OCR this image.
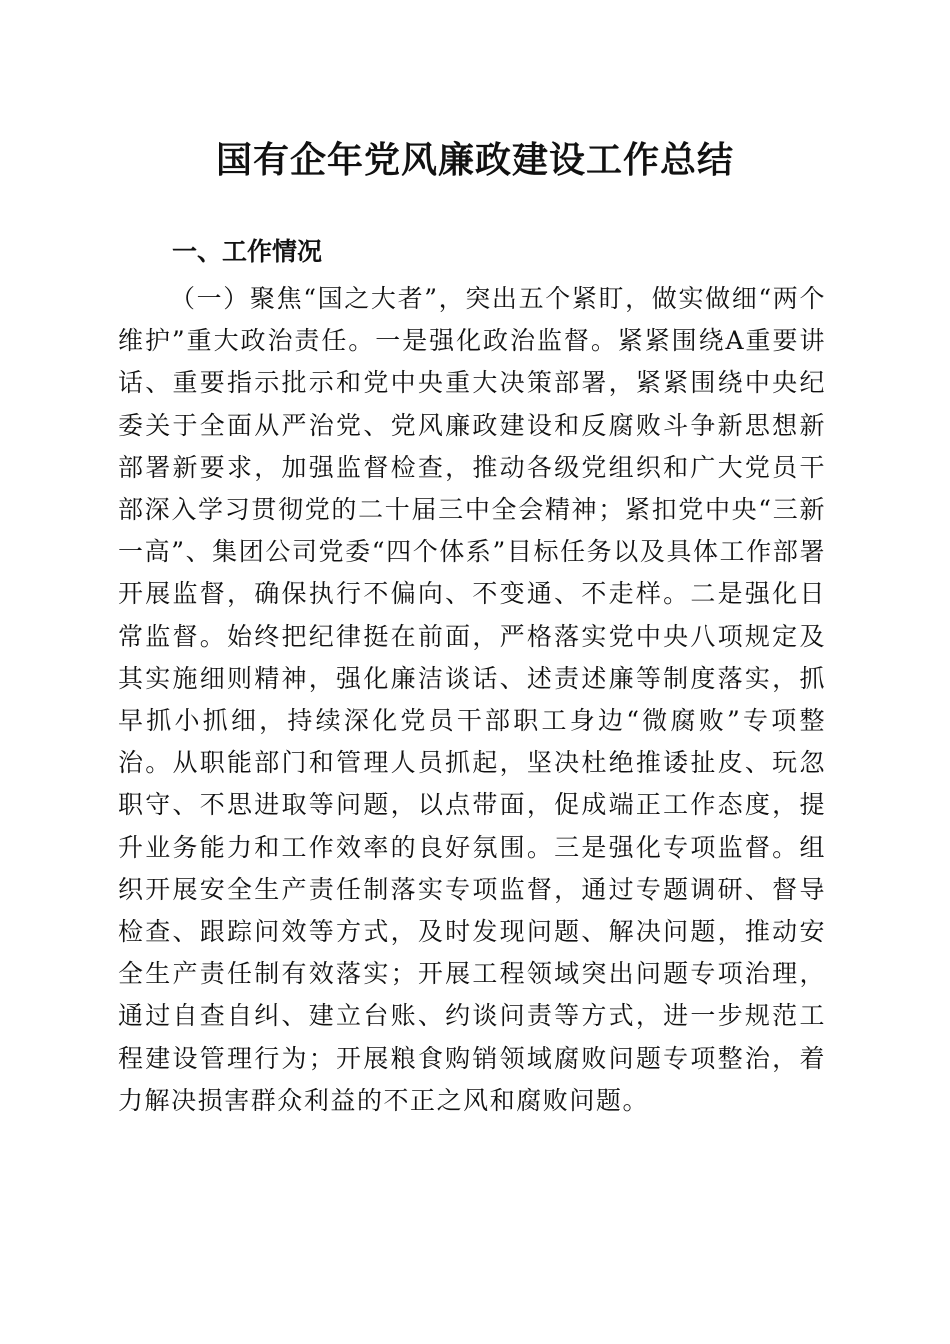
国有企年党风廉政建设工作总结
一、工作情况

（一）聚焦“国之大者”，突出五个紧盯，做实做细“两个维护”重大政治责任。一是强化政治监督。紧紧围绕A重要讲话、重要指示批示和党中央重大决策部署，紧紧围绕中央纪委关于全面从严治党、党风廉政建设和反腐败斗争新思想新部署新要求，加强监督检查，推动各级党组织和广大党员干部深入学习贯彻党的二十届三中全会精神；紧扣党中央“三新一高”、集团公司党委“四个体系”目标任务以及具体工作部署开展监督，确保执行不偏向、不变通、不走样。二是强化日常监督。始终把纪律挺在前面，严格落实党中央八项规定及其实施细则精神，强化廉洁谈话、述责述廉等制度落实，抓早抓小抓细，持续深化党员干部职工身边“微腐败”专项整治。从职能部门和管理人员抓起，坚决杜绝推诿扯皮、玩忽职守、不思进取等问题，以点带面，促成端正工作态度，提升业务能力和工作效率的良好氛围。三是强化专项监督。组织开展安全生产责任制落实专项监督，通过专题调研、督导检查、跟踪问效等方式，及时发现问题、解决问题，推动安全生产责任制有效落实；开展工程领域突出问题专项治理，通过自查自纠、建立台账、约谈问责等方式，进一步规范工程建设管理行为；开展粮食购销领域腐败问题专项整治，着力解决损害群众利益的不正之风和腐败问题。
